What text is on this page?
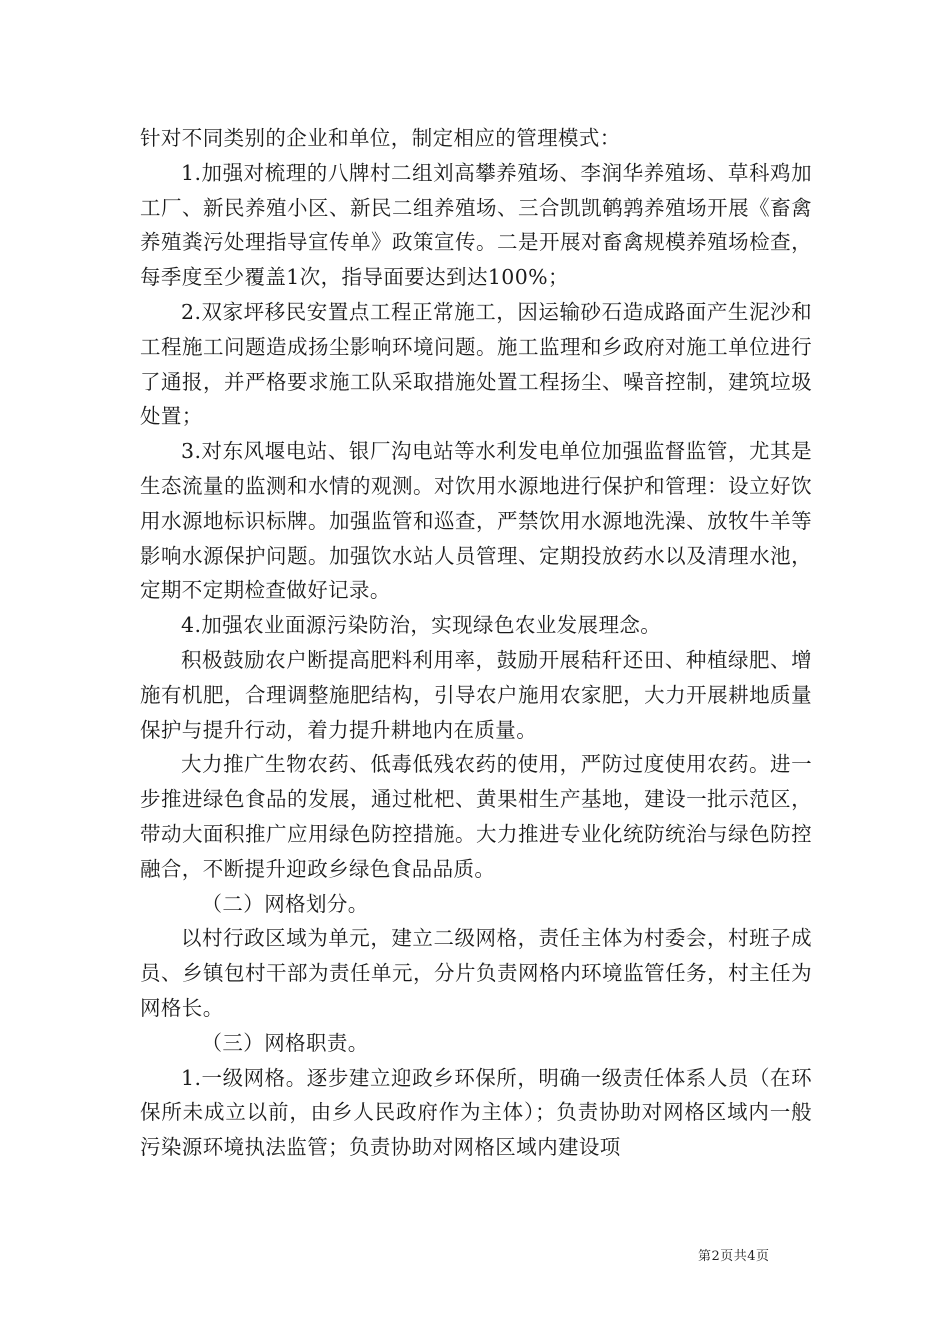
针对不同类别的企业和单位，制定相应的管理模式：

1.加强对梳理的八牌村二组刘高攀养殖场、李润华养殖场、草科鸡加工厂、新民养殖小区、新民二组养殖场、三合凯凯鹌鹑养殖场开展《畜禽养殖粪污处理指导宣传单》政策宣传。二是开展对畜禽规模养殖场检查，每季度至少覆盖1次，指导面要达到达100%；

2.双家坪移民安置点工程正常施工，因运输砂石造成路面产生泥沙和工程施工问题造成扬尘影响环境问题。施工监理和乡政府对施工单位进行了通报，并严格要求施工队采取措施处置工程扬尘、噪音控制，建筑垃圾处置；

3.对东风堰电站、银厂沟电站等水利发电单位加强监督监管，尤其是生态流量的监测和水情的观测。对饮用水源地进行保护和管理：设立好饮用水源地标识标牌。加强监管和巡查，严禁饮用水源地洗澡、放牧牛羊等影响水源保护问题。加强饮水站人员管理、定期投放药水以及清理水池，定期不定期检查做好记录。

4.加强农业面源污染防治，实现绿色农业发展理念。

积极鼓励农户断提高肥料利用率，鼓励开展秸秆还田、种植绿肥、增施有机肥，合理调整施肥结构，引导农户施用农家肥，大力开展耕地质量保护与提升行动，着力提升耕地内在质量。

大力推广生物农药、低毒低残农药的使用，严防过度使用农药。进一步推进绿色食品的发展，通过枇杷、黄果柑生产基地，建设一批示范区，带动大面积推广应用绿色防控措施。大力推进专业化统防统治与绿色防控融合，不断提升迎政乡绿色食品品质。

（二）网格划分。

以村行政区域为单元，建立二级网格，责任主体为村委会，村班子成员、乡镇包村干部为责任单元，分片负责网格内环境监管任务，村主任为网格长。

（三）网格职责。

1.一级网格。逐步建立迎政乡环保所，明确一级责任体系人员（在环保所未成立以前，由乡人民政府作为主体）；负责协助对网格区域内一般污染源环境执法监管；负责协助对网格区域内建设项

第2页共4页
